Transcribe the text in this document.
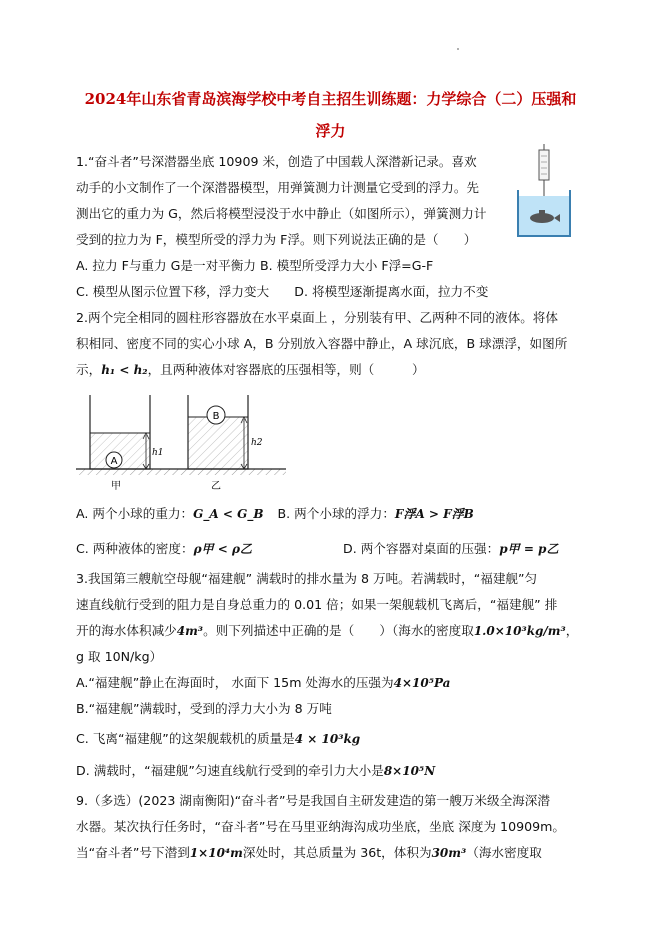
2024年山东省青岛滨海学校中考自主招生训练题：力学综合（二）压强和
浮力
1.“奋斗者”号深潜器坐底 10909 米，创造了中国载人深潜新记录。喜欢
动手的小文制作了一个深潜器模型，用弹簧测力计测量它受到的浮力。先
测出它的重力为 G，然后将模型浸没于水中静止（如图所示），弹簧测力计
受到的拉力为 F，模型所受的浮力为 F浮。则下列说法正确的是（　　）
A. 拉力 F与重力 G是一对平衡力 B. 模型所受浮力大小 F浮=G-F
C. 模型从图示位置下移，浮力变大　　D. 将模型逐渐提离水面，拉力不变
2.两个完全相同的圆柱形容器放在水平桌面上 ，分别装有甲、乙两种不同的液体。将体
积相同、密度不同的实心小球 A，B 分别放入容器中静止，A 球沉底，B 球漂浮，如图所
示，h₁ < h₂，且两种液体对容器底的压强相等，则（　　　）
A
h1
B
h2
甲	乙
A. 两个小球的重力：G_A < G_B B. 两个小球的浮力：F浮A > F浮B
C. 两种液体的密度：ρ甲 < ρ乙	D. 两个容器对桌面的压强：p甲 = p乙
3.我国第三艘航空母舰“福建舰” 满载时的排水量为 8 万吨。若满载时，“福建舰”匀
速直线航行受到的阻力是自身总重力的 0.01 倍；如果一架舰载机飞离后，“福建舰” 排
开的海水体积减少4m³。则下列描述中正确的是（　　）（海水的密度取1.0×10³kg/m³，
g 取 10N/kg）
A.“福建舰”静止在海面时， 水面下 15m 处海水的压强为4×10⁵Pa
B.“福建舰”满载时，受到的浮力大小为 8 万吨
C. 飞离“福建舰”的这架舰载机的质量是4 × 10³kg
D. 满载时，“福建舰”匀速直线航行受到的牵引力大小是8×10⁵N
9.（多选）(2023 湖南衡阳)“奋斗者”号是我国自主研发建造的第一艘万米级全海深潜
水器。某次执行任务时，“奋斗者”号在马里亚纳海沟成功坐底，坐底 深度为 10909m。
当“奋斗者”号下潜到1×10⁴m深处时，其总质量为 36t，体积为30m³（海水密度取
